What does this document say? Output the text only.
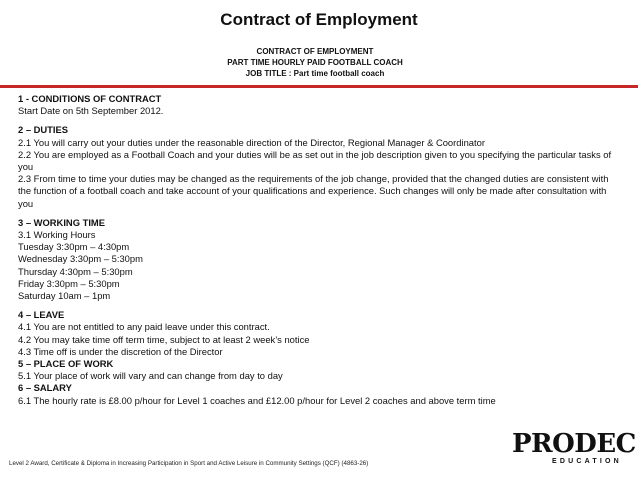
Contract of Employment
CONTRACT OF EMPLOYMENT
PART TIME HOURLY PAID FOOTBALL COACH
JOB TITLE : Part time football coach

1 - CONDITIONS OF CONTRACT

Start Date on 5th September 2012.

2 – DUTIES

2.1 You will carry out your duties under the reasonable direction of the Director, Regional Manager & Coordinator

2.2 You are employed as a Football Coach and your duties will be as set out in the job description given to you specifying the particular tasks of you

2.3 From time to time your duties may be changed as the requirements of the job change, provided that the changed duties are consistent with the function of a football coach and take account of your qualifications and experience. Such changes will only be made after consultation with you

3 – WORKING TIME

3.1 Working Hours

Tuesday 3:30pm – 4:30pm

Wednesday 3:30pm – 5:30pm

Thursday 4:30pm – 5:30pm

Friday 3:30pm – 5:30pm

Saturday 10am – 1pm

4 – LEAVE

4.1 You are not entitled to any paid leave under this contract.

4.2 You may take time off term time, subject to at least 2 week’s notice

4.3 Time off is under the discretion of the Director

5 – PLACE OF WORK

5.1 Your place of work will vary and can change from day to day

6 – SALARY

6.1 The hourly rate is £8.00 p/hour for Level 1 coaches and £12.00 p/hour for Level 2 coaches and above term time

Level 2 Award, Certificate & Diploma in Increasing Participation in Sport and Active Leisure in Community Settings (QCF) (4863-26)
PRODEC
EDUCATION
